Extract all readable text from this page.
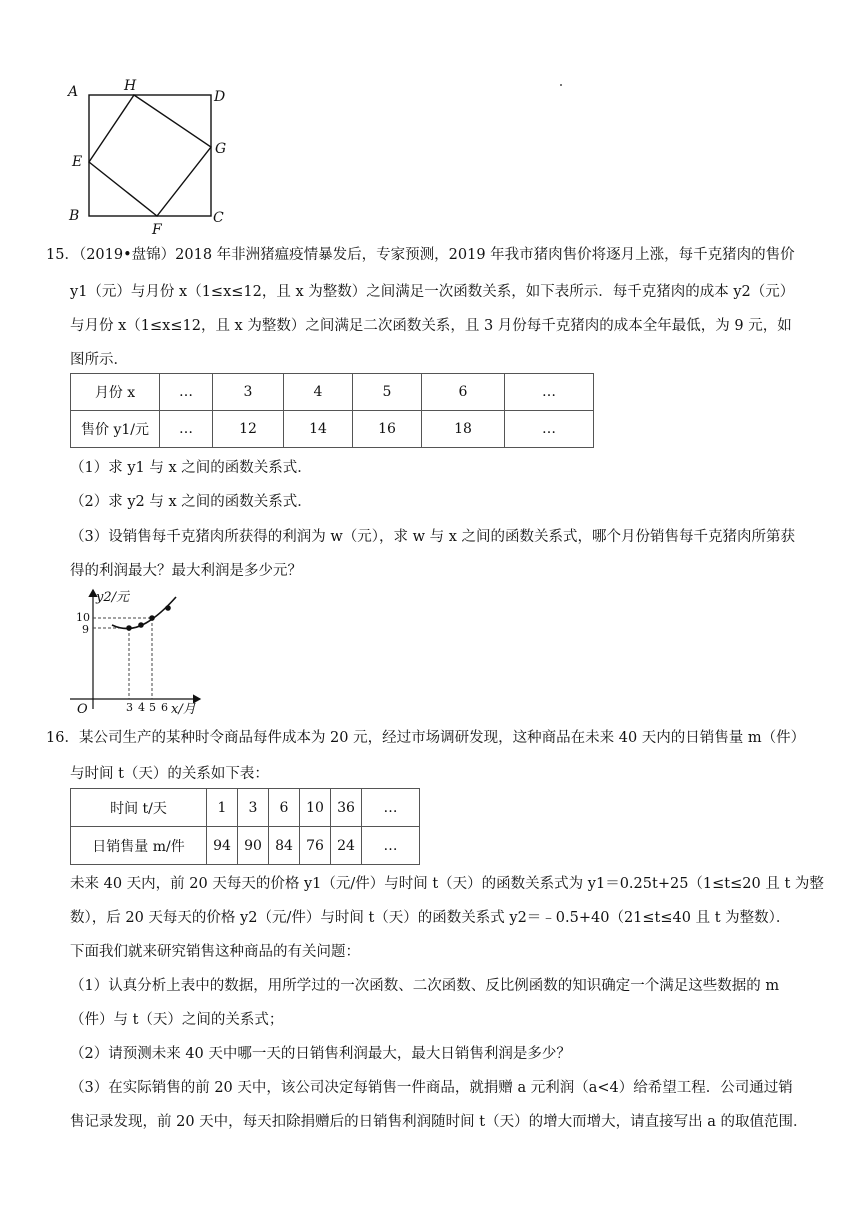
A	H
D
E
G
B
F
C
15．（2019•盘锦）2018 年非洲猪瘟疫情暴发后，专家预测，2019 年我市猪肉售价将逐月上涨，每千克猪肉的售价
y1（元）与月份 x（1≤x≤12，且 x 为整数）之间满足一次函数关系，如下表所示．每千克猪肉的成本 y2（元）
与月份 x（1≤x≤12，且 x 为整数）之间满足二次函数关系，且 3 月份每千克猪肉的成本全年最低，为 9 元，如
图所示．
月份 x	…	3	4	5	6	…
售价 y1/元	…	12	14	16	18	…
（1）求 y1 与 x 之间的函数关系式．
（2）求 y2 与 x 之间的函数关系式．
（3）设销售每千克猪肉所获得的利润为 w（元），求 w 与 x 之间的函数关系式，哪个月份销售每千克猪肉所第获
得的利润最大？最大利润是多少元？
y2/元
10
9
O	3 4 5 6 x/月
16．某公司生产的某种时令商品每件成本为 20 元，经过市场调研发现，这种商品在未来 40 天内的日销售量 m（件）
与时间 t（天）的关系如下表：
时间 t/天	1	3	6	10	36	…
日销售量 m/件	94	90	84	76	24	…
未来 40 天内，前 20 天每天的价格 y1（元/件）与时间 t（天）的函数关系式为 y1＝0.25t+25（1≤t≤20 且 t 为整
数），后 20 天每天的价格 y2（元/件）与时间 t（天）的函数关系式 y2＝﹣0.5+40（21≤t≤40 且 t 为整数）．
下面我们就来研究销售这种商品的有关问题：
（1）认真分析上表中的数据，用所学过的一次函数、二次函数、反比例函数的知识确定一个满足这些数据的 m
（件）与 t（天）之间的关系式；
（2）请预测未来 40 天中哪一天的日销售利润最大，最大日销售利润是多少？
（3）在实际销售的前 20 天中，该公司决定每销售一件商品，就捐赠 a 元利润（a<4）给希望工程．公司通过销
售记录发现，前 20 天中，每天扣除捐赠后的日销售利润随时间 t（天）的增大而增大，请直接写出 a 的取值范围．
